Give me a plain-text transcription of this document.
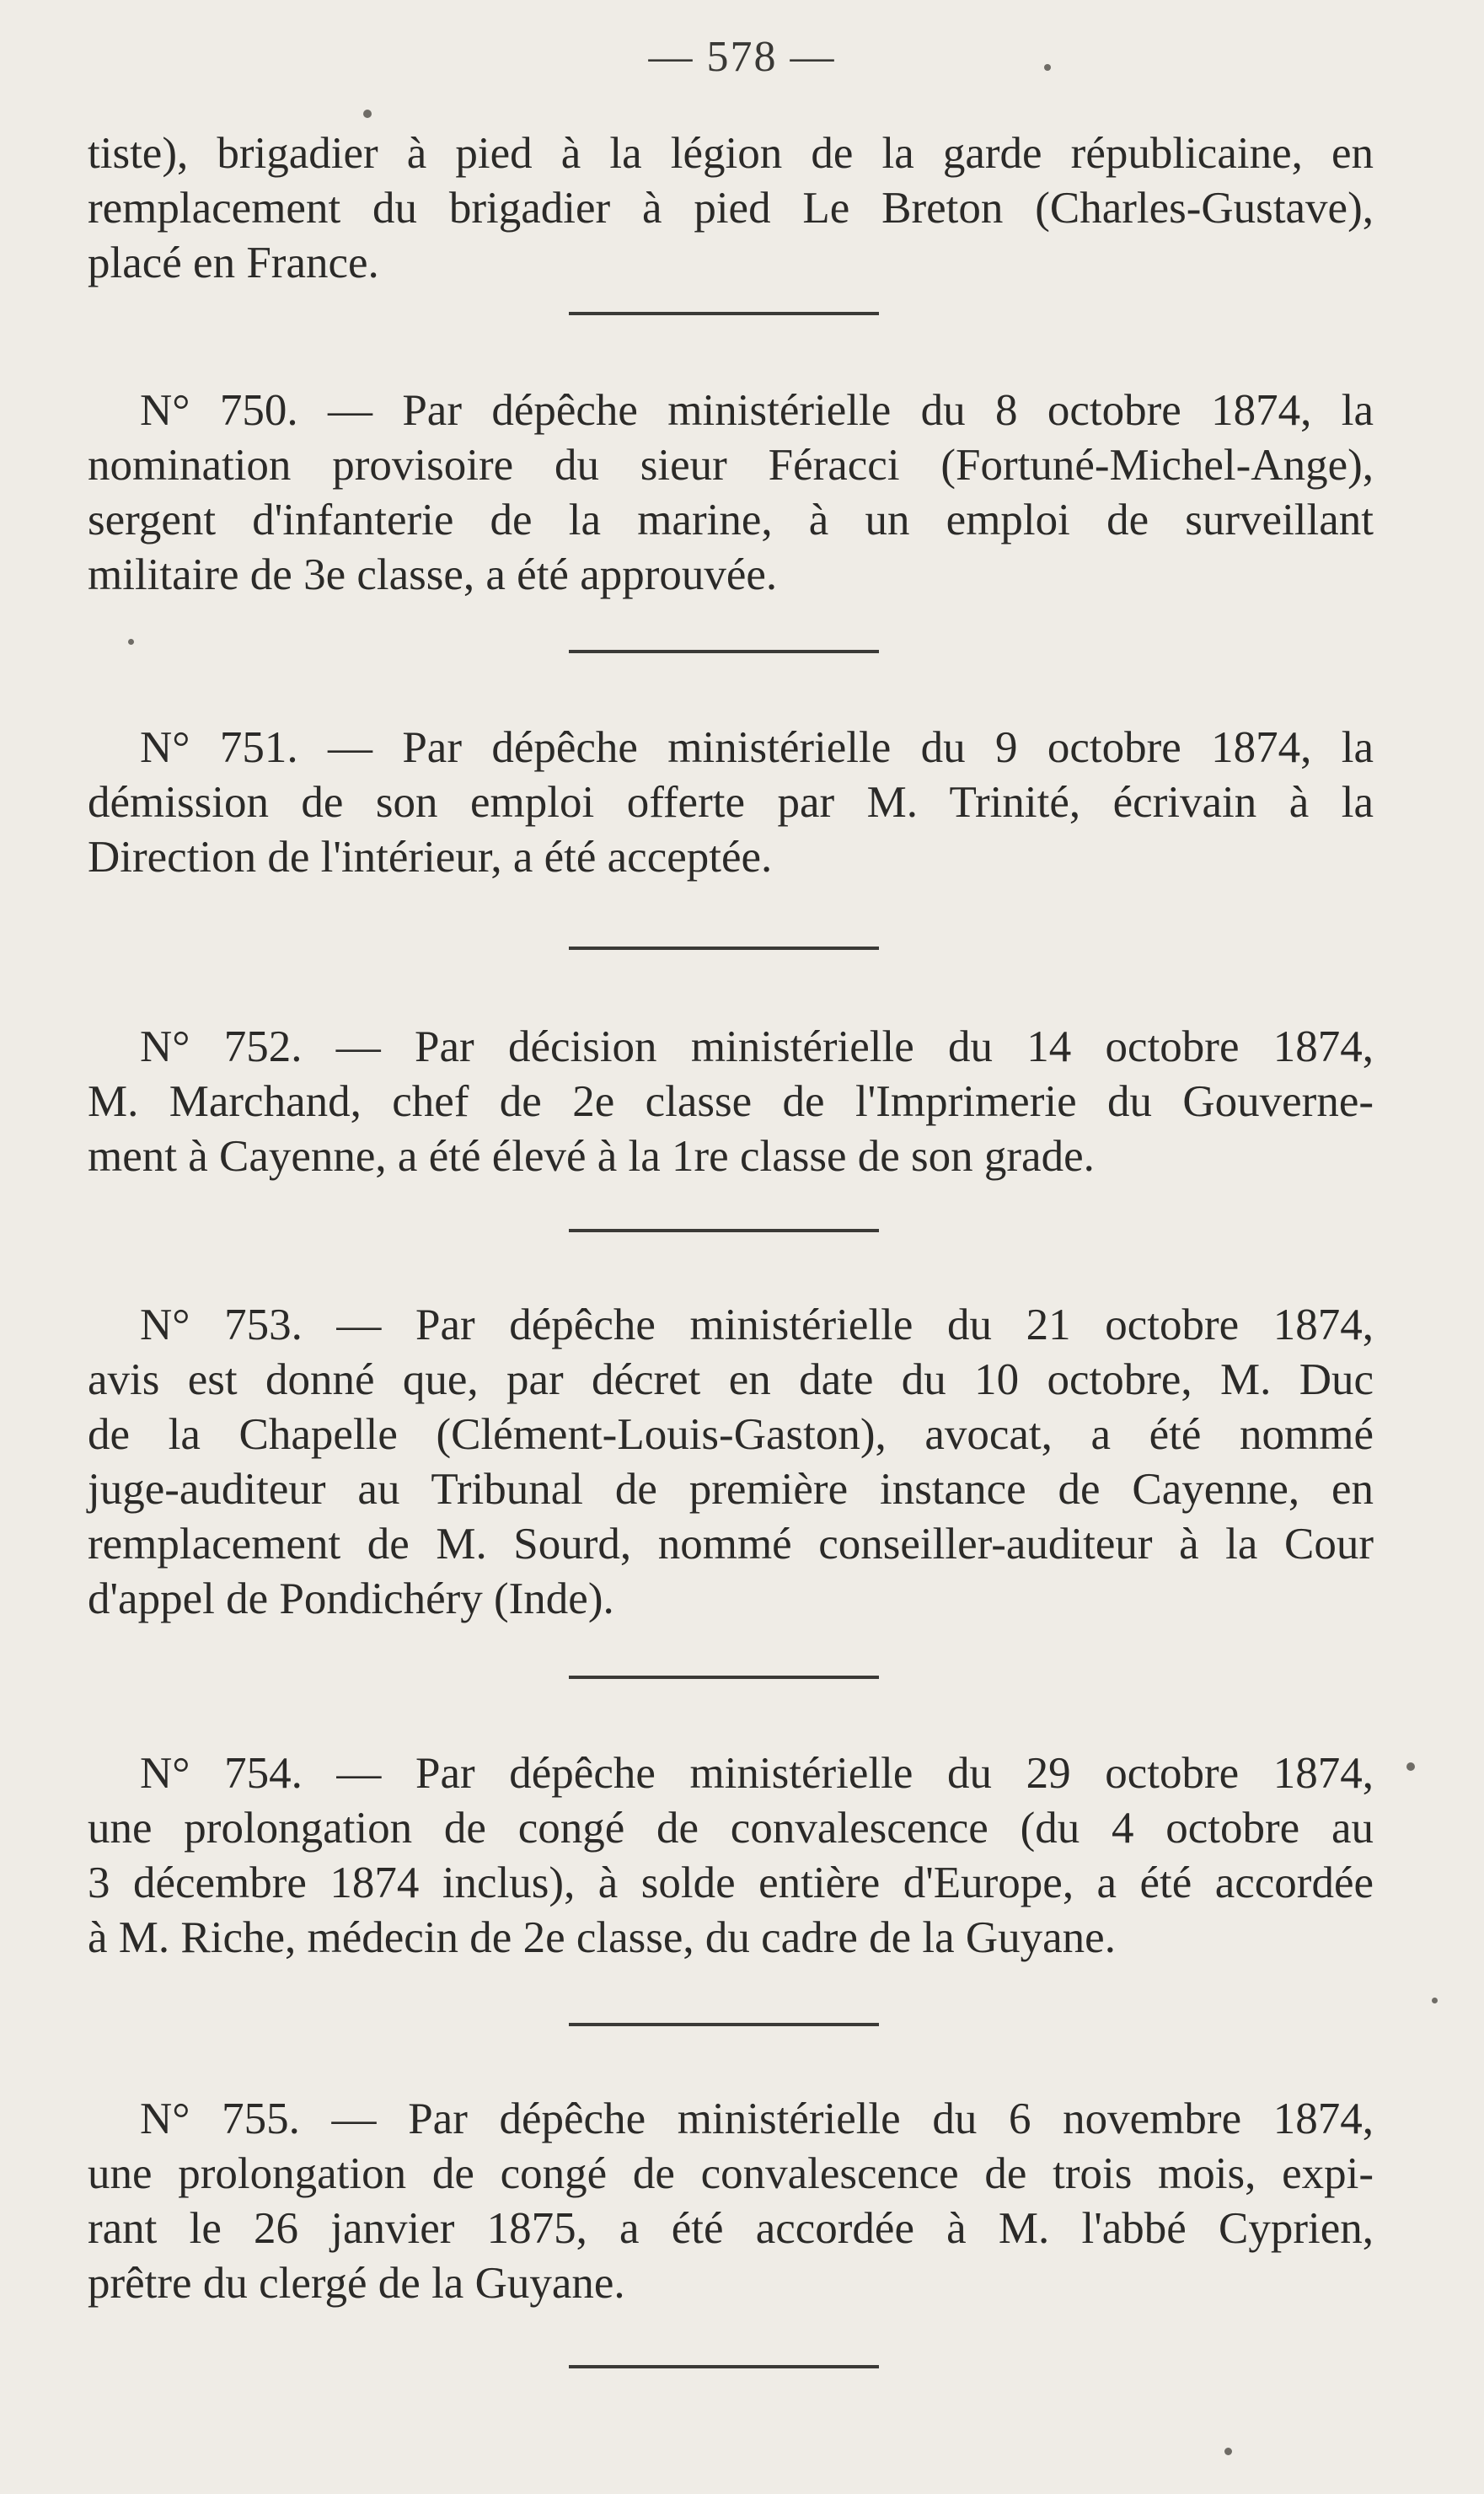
— 578 —
tiste), brigadier à pied à la légion de la garde républicaine, en
remplacement du brigadier à pied Le Breton (Charles-Gustave),
placé en France.
N° 750. — Par dépêche ministérielle du 8 octobre 1874, la
nomination provisoire du sieur Féracci (Fortuné-Michel-Ange),
sergent d'infanterie de la marine, à un emploi de surveillant
militaire de 3e classe, a été approuvée.
N° 751. — Par dépêche ministérielle du 9 octobre 1874, la
démission de son emploi offerte par M. Trinité, écrivain à la
Direction de l'intérieur, a été acceptée.
N° 752. — Par décision ministérielle du 14 octobre 1874,
M. Marchand, chef de 2e classe de l'Imprimerie du Gouverne-
ment à Cayenne, a été élevé à la 1re classe de son grade.
N° 753. — Par dépêche ministérielle du 21 octobre 1874,
avis est donné que, par décret en date du 10 octobre, M. Duc
de la Chapelle (Clément-Louis-Gaston), avocat, a été nommé
juge-auditeur au Tribunal de première instance de Cayenne, en
remplacement de M. Sourd, nommé conseiller-auditeur à la Cour
d'appel de Pondichéry (Inde).
N° 754. — Par dépêche ministérielle du 29 octobre 1874,
une prolongation de congé de convalescence (du 4 octobre au
3 décembre 1874 inclus), à solde entière d'Europe, a été accordée
à M. Riche, médecin de 2e classe, du cadre de la Guyane.
N° 755. — Par dépêche ministérielle du 6 novembre 1874,
une prolongation de congé de convalescence de trois mois, expi-
rant le 26 janvier 1875, a été accordée à M. l'abbé Cyprien,
prêtre du clergé de la Guyane.
